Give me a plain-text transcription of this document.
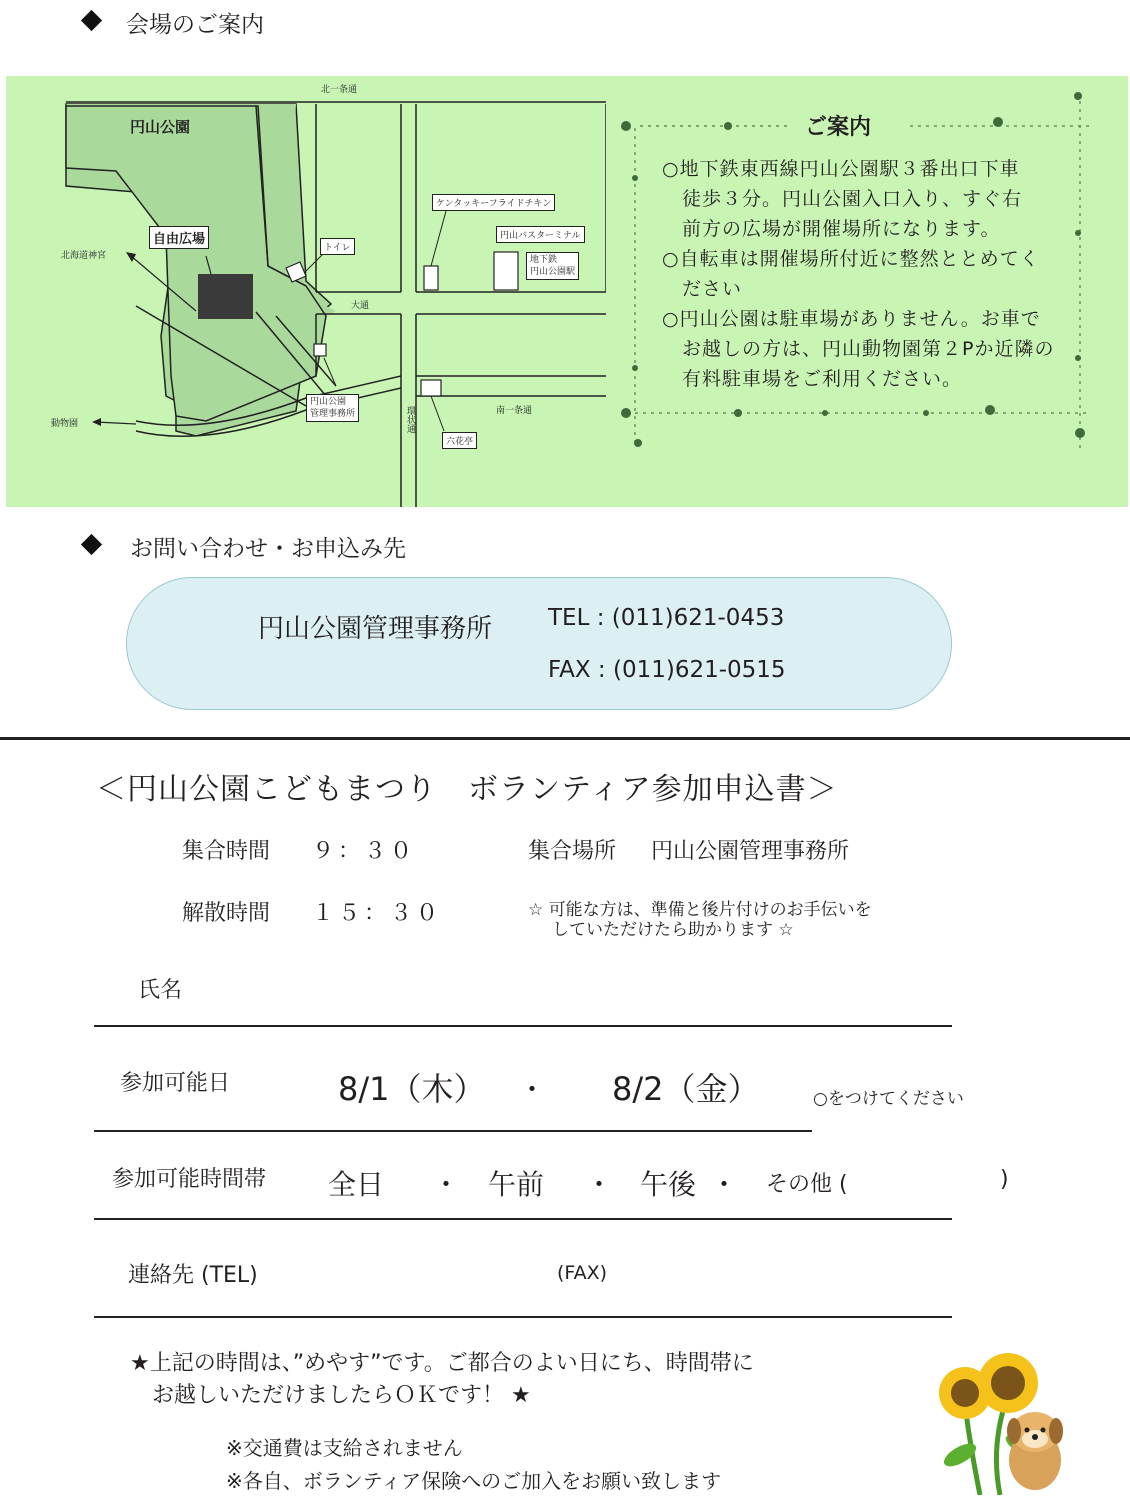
会場のご案内
円山公園
自由広場
北一条通
大通
南一条通
環状通
北海道神宮
動物園
トイレ
ケンタッキーフライドチキン
円山バスターミナル
地下鉄
円山公園駅
円山公園
管理事務所
六花亭
ご案内
○地下鉄東西線円山公園駅３番出口下車
　徒歩３分。円山公園入口入り、すぐ右
　前方の広場が開催場所になります。
○自転車は開催場所付近に整然ととめてく
　ださい
○円山公園は駐車場がありません。お車で
　お越しの方は、円山動物園第２Pか近隣の
　有料駐車場をご利用ください。
お問い合わせ・お申込み先
円山公園管理事務所 TEL : (011)621-0453
FAX : (011)621-0515
＜円山公園こどもまつり　ボランティア参加申込書＞
集合時間 ９：３０	集合場所 円山公園管理事務所
解散時間 １５：３０	☆ 可能な方は、準備と後片付けのお手伝いを
していただけたら助かります ☆
氏名
参加可能日	8/1（木） ・ 8/2（金）	○をつけてください
参加可能時間帯 全日 ・ 午前 ・ 午後 ・ その他 (	)
連絡先 (TEL)	(FAX)
★上記の時間は、”めやす”です。ご都合のよい日にち、時間帯に
お越しいただけましたらＯＫです！ ★
※交通費は支給されません
※各自、ボランティア保険へのご加入をお願い致します
